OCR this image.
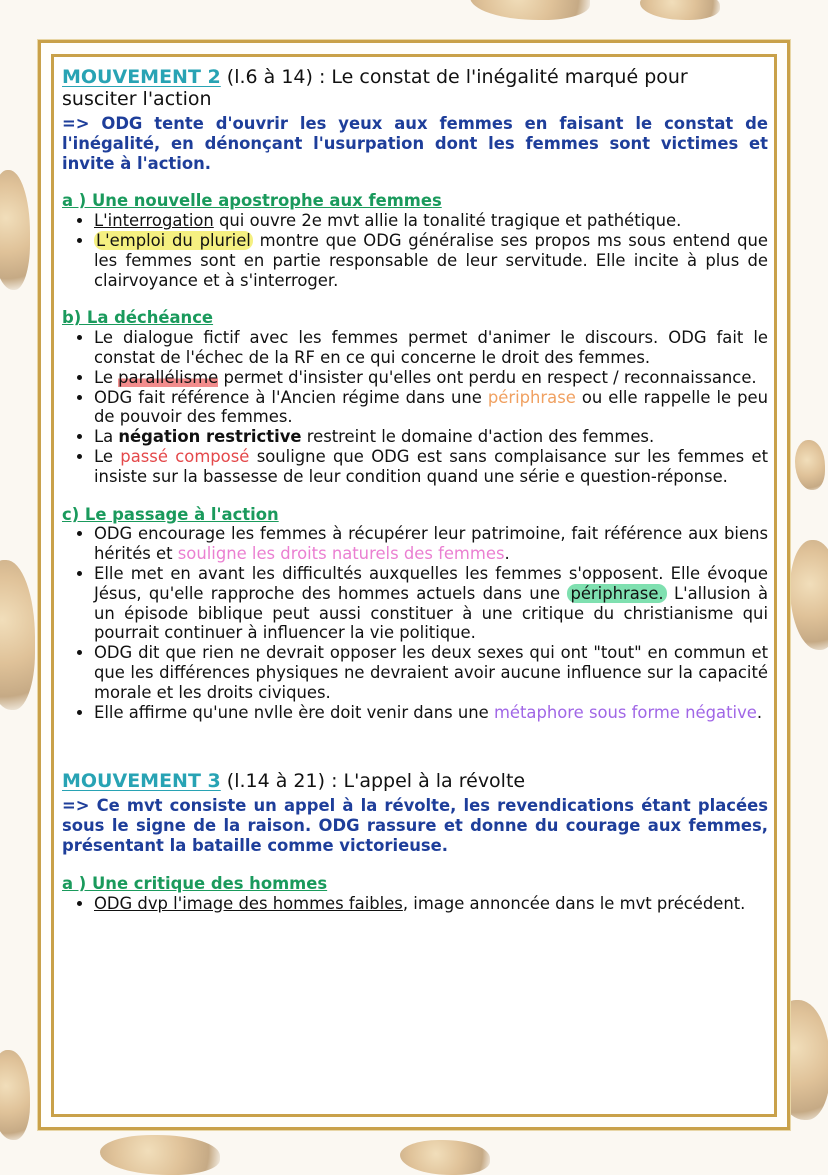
MOUVEMENT 2 (l.6 à 14) : Le constat de l'inégalité marqué pour susciter l'action

=> ODG tente d'ouvrir les yeux aux femmes en faisant le constat de l'inégalité, en dénonçant l'usurpation dont les femmes sont victimes et invite à l'action.

a ) Une nouvelle apostrophe aux femmes

• L'interrogation qui ouvre 2e mvt allie la tonalité tragique et pathétique.
• L'emploi du pluriel montre que ODG généralise ses propos ms sous entend que les femmes sont en partie responsable de leur servitude. Elle incite à plus de clairvoyance et à s'interroger.

b) La déchéance

• Le dialogue fictif avec les femmes permet d'animer le discours. ODG fait le constat de l'échec de la RF en ce qui concerne le droit des femmes.
• Le parallélisme permet d'insister qu'elles ont perdu en respect / reconnaissance.
• ODG fait référence à l'Ancien régime dans une périphrase ou elle rappelle le peu de pouvoir des femmes.
• La négation restrictive restreint le domaine d'action des femmes.
• Le passé composé souligne que ODG est sans complaisance sur les femmes et insiste sur la bassesse de leur condition quand une série e question-réponse.

c) Le passage à l'action

• ODG encourage les femmes à récupérer leur patrimoine, fait référence aux biens hérités et souligne les droits naturels des femmes.
• Elle met en avant les difficultés auxquelles les femmes s'opposent. Elle évoque Jésus, qu'elle rapproche des hommes actuels dans une périphrase. L'allusion à un épisode biblique peut aussi constituer à une critique du christianisme qui pourrait continuer à influencer la vie politique.
• ODG dit que rien ne devrait opposer les deux sexes qui ont "tout" en commun et que les différences physiques ne devraient avoir aucune influence sur la capacité morale et les droits civiques.
• Elle affirme qu'une nvlle ère doit venir dans une métaphore sous forme négative.

MOUVEMENT 3 (l.14 à 21) : L'appel à la révolte

=> Ce mvt consiste un appel à la révolte, les revendications étant placées sous le signe de la raison. ODG rassure et donne du courage aux femmes, présentant la bataille comme victorieuse.

a ) Une critique des hommes

• ODG dvp l'image des hommes faibles, image annoncée dans le mvt précédent.
